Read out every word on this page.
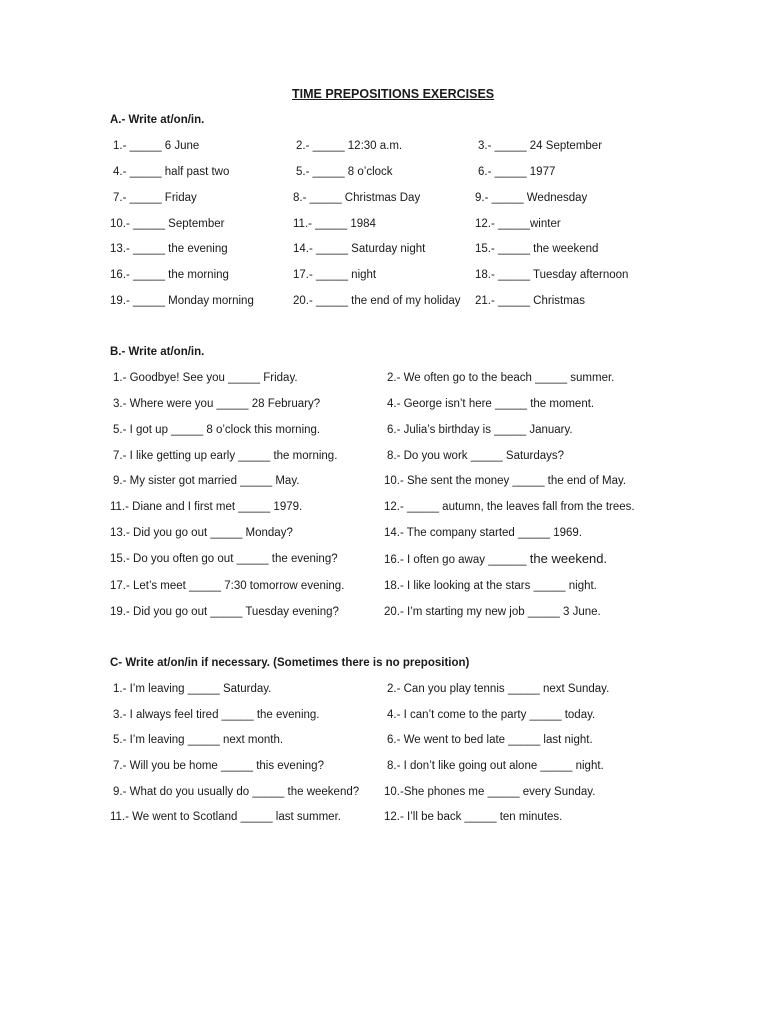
TIME PREPOSITIONS EXERCISES
A.- Write at/on/in.
1.- _____ 6 June	2.- _____ 12:30 a.m.	3.- _____ 24 September
4.- _____ half past two	5.- _____ 8 o’clock	6.- _____ 1977
7.- _____ Friday	8.- _____ Christmas Day	9.- _____ Wednesday
10.- _____ September	11.- _____ 1984	12.- _____winter
13.- _____ the evening	14.- _____ Saturday night	15.- _____ the weekend
16.- _____ the morning	17.- _____ night	18.- _____ Tuesday afternoon
19.- _____ Monday morning	20.- _____ the end of my holiday 21.- _____ Christmas
B.- Write at/on/in.
1.- Goodbye! See you _____ Friday.	2.- We often go to the beach _____ summer.
3.- Where were you _____ 28 February?	4.- George isn’t here _____ the moment.
5.- I got up _____ 8 o’clock this morning.	6.- Julia’s birthday is _____ January.
7.- I like getting up early _____ the morning.	8.- Do you work _____ Saturdays?
9.- My sister got married _____ May.	10.- She sent the money _____ the end of May.
11.- Diane and I first met _____ 1979.	12.- _____ autumn, the leaves fall from the trees.
13.- Did you go out _____ Monday?	14.- The company started _____ 1969.
15.- Do you often go out _____ the evening?	16.- I often go away ______ the weekend.
17.- Let’s meet _____ 7:30 tomorrow evening.	18.- I like looking at the stars _____ night.
19.- Did you go out _____ Tuesday evening?	20.- I’m starting my new job _____ 3 June.
C- Write at/on/in if necessary. (Sometimes there is no preposition)
1.- I’m leaving _____ Saturday.	2.- Can you play tennis _____ next Sunday.
3.- I always feel tired _____ the evening.	4.- I can’t come to the party _____ today.
5.- I’m leaving _____ next month.	6.- We went to bed late _____ last night.
7.- Will you be home _____ this evening?	8.- I don’t like going out alone _____ night.
9.- What do you usually do _____ the weekend? 10.-She phones me _____ every Sunday.
11.- We went to Scotland _____ last summer.	12.- I’ll be back _____ ten minutes.
